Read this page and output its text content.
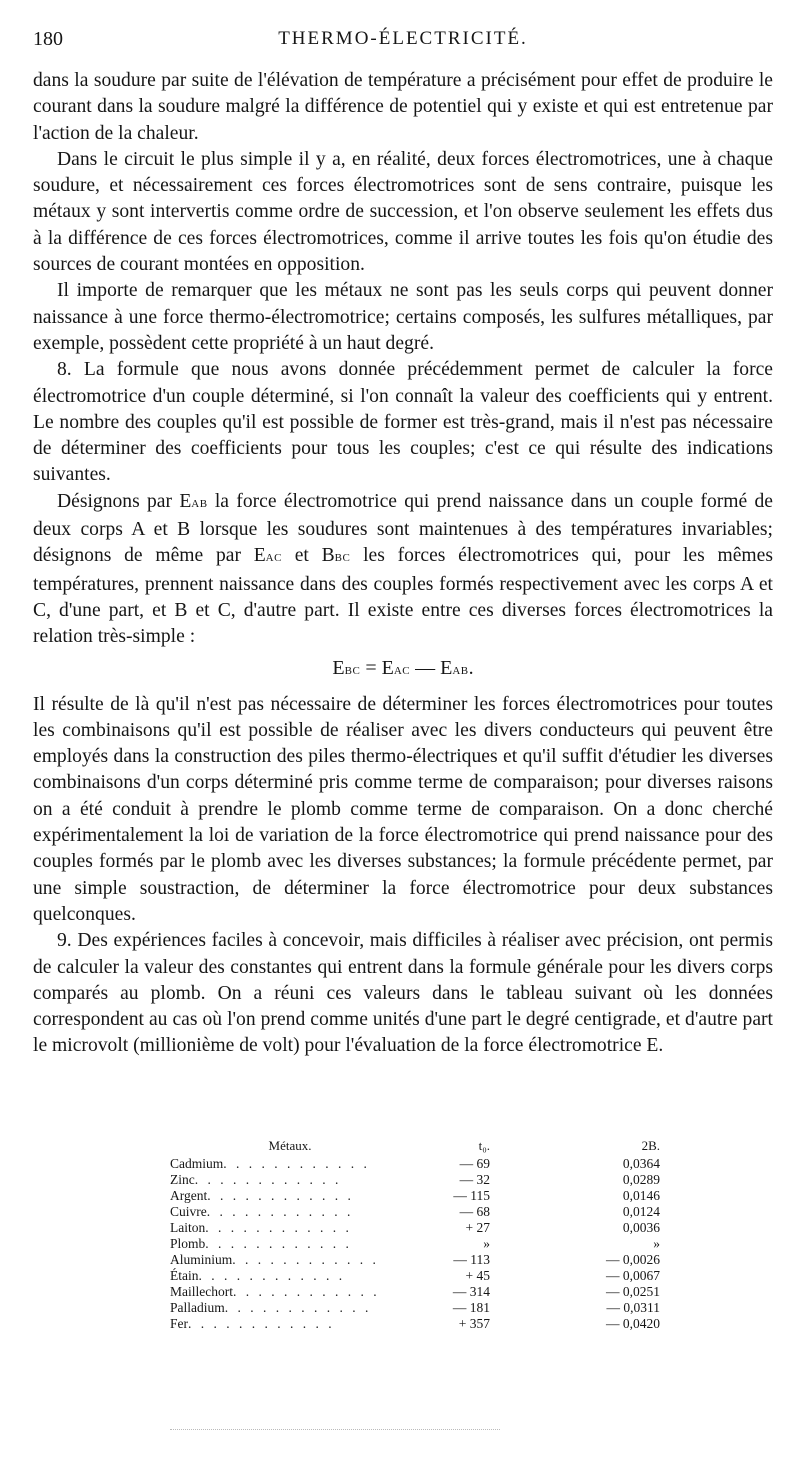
180	THERMO-ÉLECTRICITÉ.

dans la soudure par suite de l'élévation de température a précisément pour effet de produire le courant dans la soudure malgré la différence de potentiel qui y existe et qui est entretenue par l'action de la chaleur.

Dans le circuit le plus simple il y a, en réalité, deux forces électromotrices, une à chaque soudure, et nécessairement ces forces électromotrices sont de sens contraire, puisque les métaux y sont intervertis comme ordre de succession, et l'on observe seulement les effets dus à la différence de ces forces électromotrices, comme il arrive toutes les fois qu'on étudie des sources de courant montées en opposition.

Il importe de remarquer que les métaux ne sont pas les seuls corps qui peuvent donner naissance à une force thermo-électromotrice; certains composés, les sulfures métalliques, par exemple, possèdent cette propriété à un haut degré.

8. La formule que nous avons donnée précédemment permet de calculer la force électromotrice d'un couple déterminé, si l'on connaît la valeur des coefficients qui y entrent. Le nombre des couples qu'il est possible de former est très-grand, mais il n'est pas nécessaire de déterminer des coefficients pour tous les couples; c'est ce qui résulte des indications suivantes.

Désignons par EAB la force électromotrice qui prend naissance dans un couple formé de deux corps A et B lorsque les soudures sont maintenues à des températures invariables; désignons de même par EAC et BBC les forces électromotrices qui, pour les mêmes températures, prennent naissance dans des couples formés respectivement avec les corps A et C, d'une part, et B et C, d'autre part. Il existe entre ces diverses forces électromotrices la relation très-simple :

EBC = EAC — EAB.

Il résulte de là qu'il n'est pas nécessaire de déterminer les forces électromotrices pour toutes les combinaisons qu'il est possible de réaliser avec les divers conducteurs qui peuvent être employés dans la construction des piles thermo-électriques et qu'il suffit d'étudier les diverses combinaisons d'un corps déterminé pris comme terme de comparaison; pour diverses raisons on a été conduit à prendre le plomb comme terme de comparaison. On a donc cherché expérimentalement la loi de variation de la force électromotrice qui prend naissance pour des couples formés par le plomb avec les diverses substances; la formule précédente permet, par une simple soustraction, de déterminer la force électromotrice pour deux substances quelconques.

9. Des expériences faciles à concevoir, mais difficiles à réaliser avec précision, ont permis de calculer la valeur des constantes qui entrent dans la formule générale pour les divers corps comparés au plomb. On a réuni ces valeurs dans le tableau suivant où les données correspondent au cas où l'on prend comme unités d'une part le degré centigrade, et d'autre part le microvolt (millionième de volt) pour l'évaluation de la force électromotrice E.

Métaux.	t₀.	2B.
Cadmium. . . . . . . . . . . .	— 69	0,0364
Zinc. . . . . . . . . . . .	— 32	0,0289
Argent. . . . . . . . . . . .	— 115	0,0146
Cuivre. . . . . . . . . . . .	— 68	0,0124
Laiton. . . . . . . . . . . .	+ 27	0,0036
Plomb. . . . . . . . . . . .	»	»
Aluminium. . . . . . . . . . . .	— 113	— 0,0026
Étain. . . . . . . . . . . .	+ 45	— 0,0067
Maillechort. . . . . . . . . . . .	— 314	— 0,0251
Palladium. . . . . . . . . . . .	— 181	— 0,0311
Fer. . . . . . . . . . . .	+ 357	— 0,0420
